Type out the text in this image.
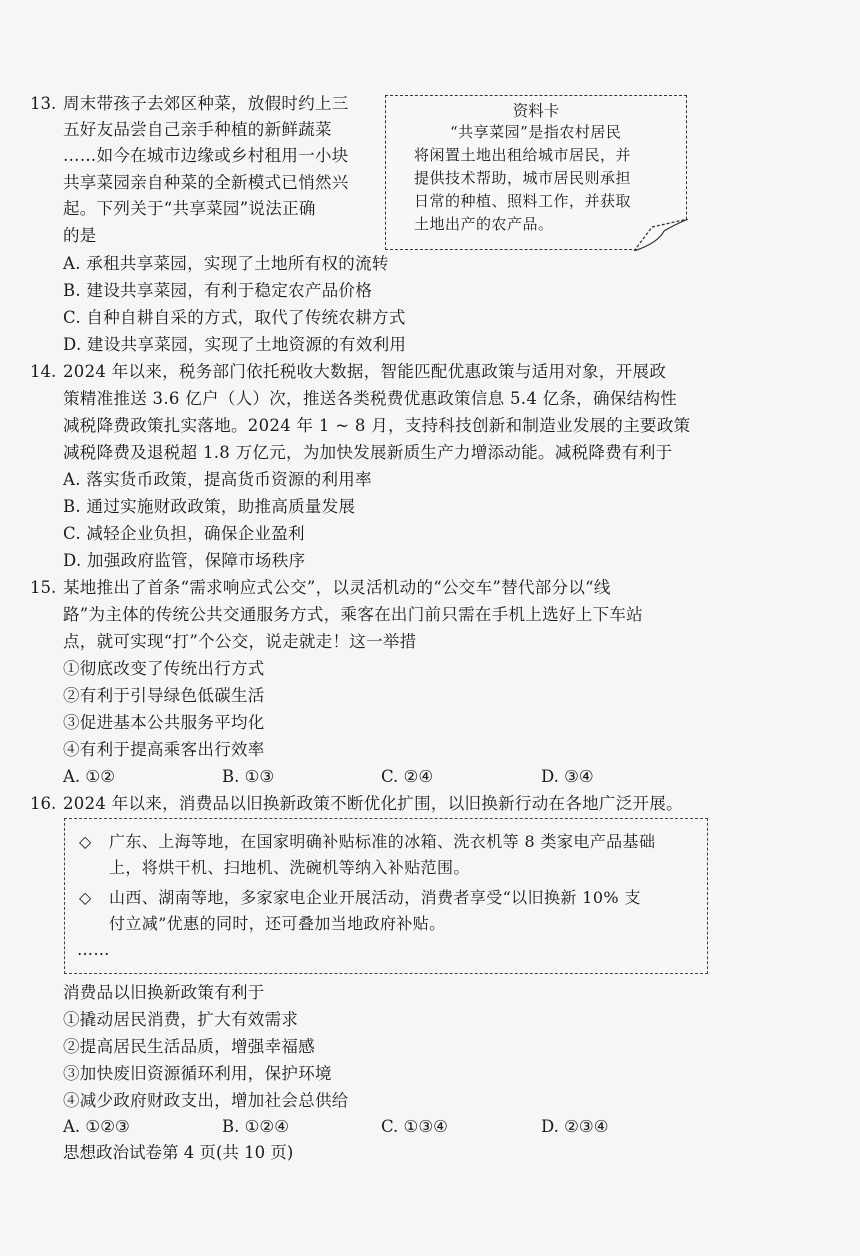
13. 周末带孩子去郊区种菜，放假时约上三
五好友品尝自己亲手种植的新鲜蔬菜
……如今在城市边缘或乡村租用一小块
共享菜园亲自种菜的全新模式已悄然兴
起。下列关于“共享菜园”说法正确
的是
资料卡
“共享菜园”是指农村居民
将闲置土地出租给城市居民，并
提供技术帮助，城市居民则承担
日常的种植、照料工作，并获取
土地出产的农产品。
A. 承租共享菜园，实现了土地所有权的流转
B. 建设共享菜园，有利于稳定农产品价格
C. 自种自耕自采的方式，取代了传统农耕方式
D. 建设共享菜园，实现了土地资源的有效利用
14. 2024 年以来，税务部门依托税收大数据，智能匹配优惠政策与适用对象，开展政
策精准推送 3.6 亿户（人）次，推送各类税费优惠政策信息 5.4 亿条，确保结构性
减税降费政策扎实落地。2024 年 1 ~ 8 月，支持科技创新和制造业发展的主要政策
减税降费及退税超 1.8 万亿元，为加快发展新质生产力增添动能。减税降费有利于
A. 落实货币政策，提高货币资源的利用率
B. 通过实施财政政策，助推高质量发展
C. 减轻企业负担，确保企业盈利
D. 加强政府监管，保障市场秩序
15. 某地推出了首条“需求响应式公交”，以灵活机动的“公交车”替代部分以“线
路”为主体的传统公共交通服务方式，乘客在出门前只需在手机上选好上下车站
点，就可实现“打”个公交，说走就走！这一举措
①彻底改变了传统出行方式
②有利于引导绿色低碳生活
③促进基本公共服务平均化
④有利于提高乘客出行效率
A. ①②	B. ①③	C. ②④	D. ③④
16. 2024 年以来，消费品以旧换新政策不断优化扩围，以旧换新行动在各地广泛开展。
◇ 广东、上海等地，在国家明确补贴标准的冰箱、洗衣机等 8 类家电产品基础
上，将烘干机、扫地机、洗碗机等纳入补贴范围。
◇ 山西、湖南等地，多家家电企业开展活动，消费者享受“以旧换新 10% 支
付立减”优惠的同时，还可叠加当地政府补贴。
……
消费品以旧换新政策有利于
①撬动居民消费，扩大有效需求
②提高居民生活品质，增强幸福感
③加快废旧资源循环利用，保护环境
④减少政府财政支出，增加社会总供给
A. ①②③	B. ①②④	C. ①③④	D. ②③④
思想政治试卷第 4 页(共 10 页)
